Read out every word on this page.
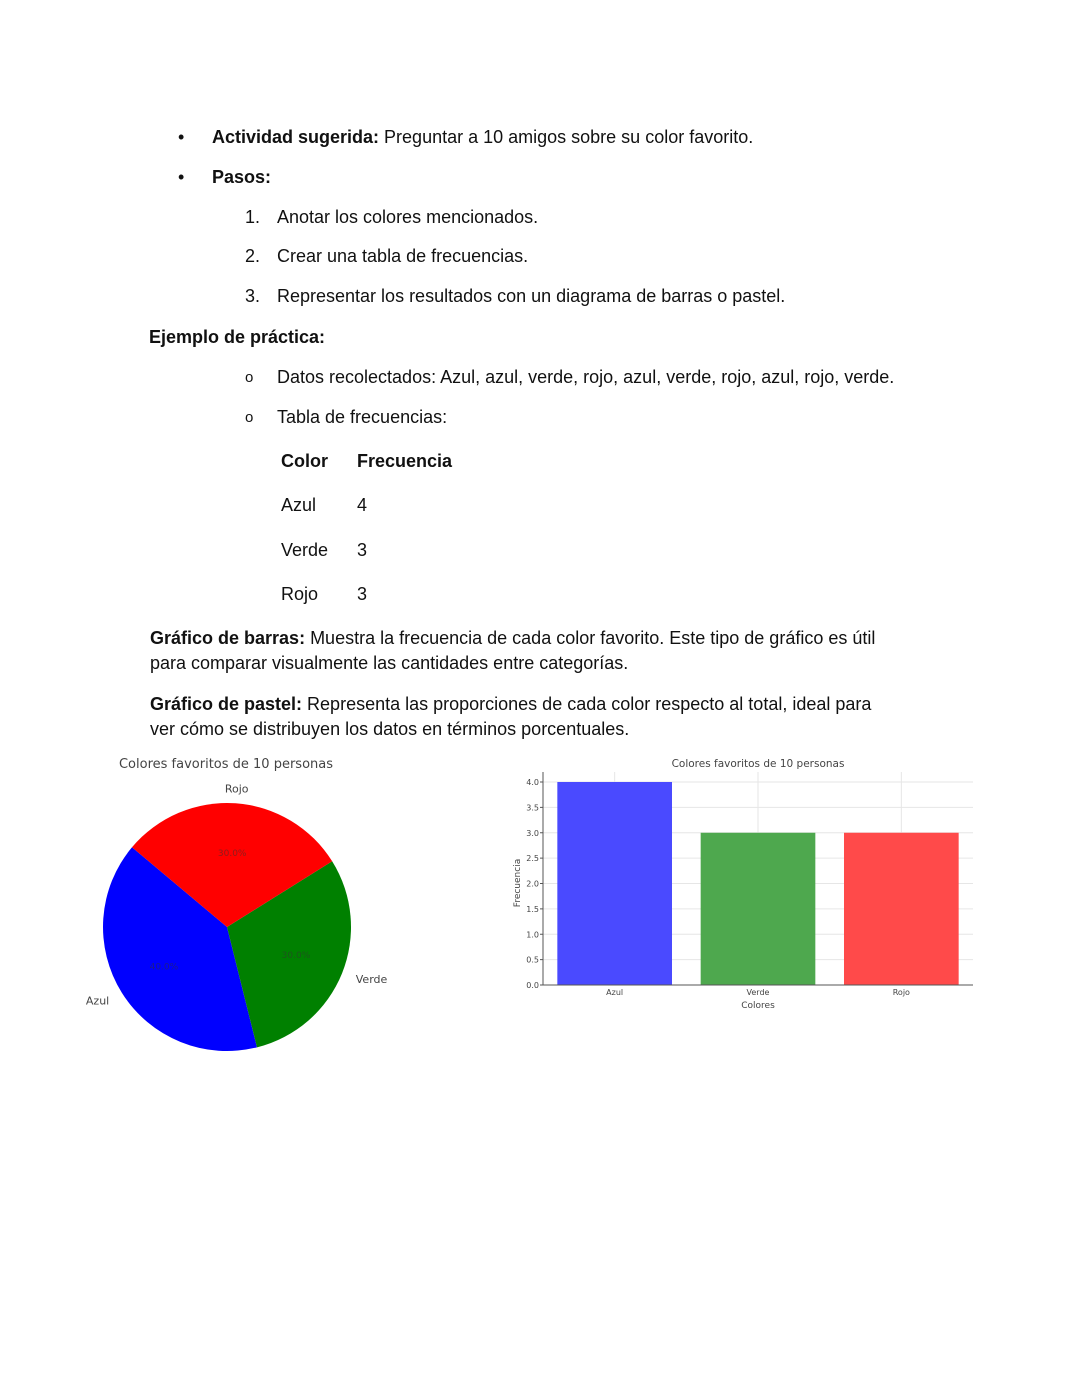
• Actividad sugerida: Preguntar a 10 amigos sobre su color favorito.
• Pasos:
1. Anotar los colores mencionados.
2. Crear una tabla de frecuencias.
3. Representar los resultados con un diagrama de barras o pastel.
Ejemplo de práctica:
o Datos recolectados: Azul, azul, verde, rojo, azul, verde, rojo, azul, rojo, verde.
o Tabla de frecuencias:
Color Frecuencia
Azul 4
Verde 3
Rojo 3
Gráfico de barras: Muestra la frecuencia de cada color favorito. Este tipo de gráfico es útil
para comparar visualmente las cantidades entre categorías.
Gráfico de pastel: Representa las proporciones de cada color respecto al total, ideal para
ver cómo se distribuyen los datos en términos porcentuales.
Colores favoritos de 10 personas
40.0%
Azul
30.0%
Verde
30.0%
Rojo
Colores favoritos de 10 personas
Colores
Frecuencia
0.0
0.5
1.0
1.5
2.0
2.5
3.0
3.5
4.0
Azul	Verde	Rojo
